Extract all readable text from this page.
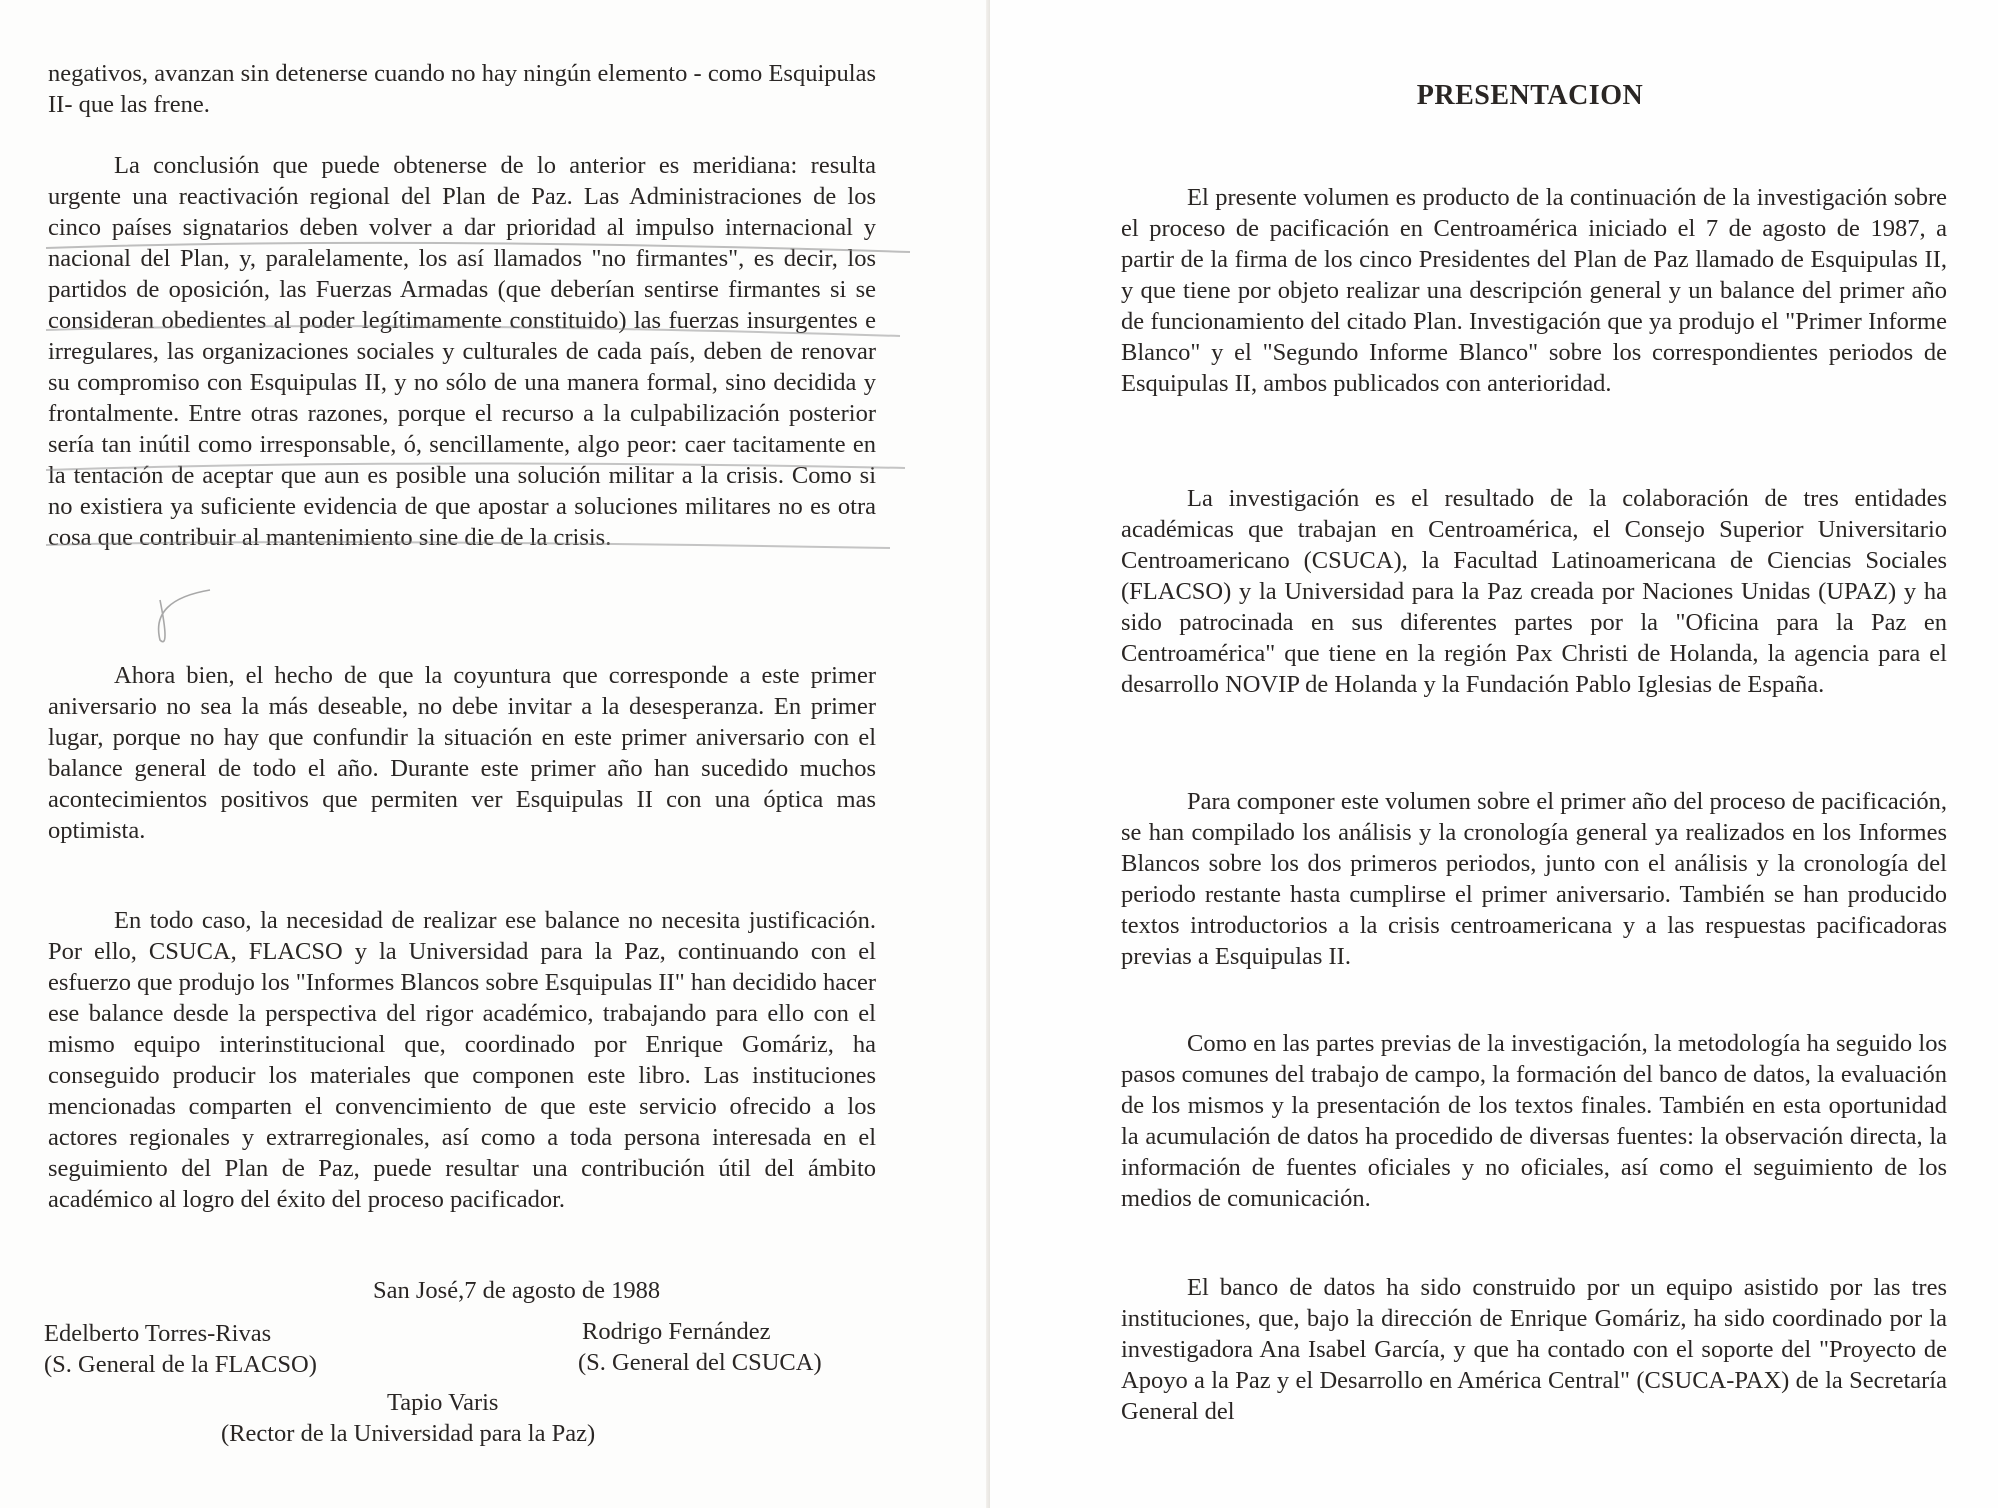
negativos, avanzan sin detenerse cuando no hay ningún elemento - como Esquipulas II- que las frene.

La conclusión que puede obtenerse de lo anterior es meridiana: resulta urgente una reactivación regional del Plan de Paz. Las Administraciones de los cinco países signatarios deben volver a dar prioridad al impulso internacional y nacional del Plan, y, paralelamente, los así llamados "no firmantes", es decir, los partidos de oposición, las Fuerzas Armadas (que deberían sentirse firmantes si se consideran obedientes al poder legítimamente constituido) las fuerzas insurgentes e irregulares, las organizaciones sociales y culturales de cada país, deben de renovar su compromiso con Esquipulas II, y no sólo de una manera formal, sino decidida y frontalmente. Entre otras razones, porque el recurso a la culpabilización posterior sería tan inútil como irresponsable, ó, sencillamente, algo peor: caer tacitamente en la tentación de aceptar que aun es posible una solución militar a la crisis. Como si no existiera ya suficiente evidencia de que apostar a soluciones militares no es otra cosa que contribuir al mantenimiento sine die de la crisis.

Ahora bien, el hecho de que la coyuntura que corresponde a este primer aniversario no sea la más deseable, no debe invitar a la desesperanza. En primer lugar, porque no hay que confundir la situación en este primer aniversario con el balance general de todo el año. Durante este primer año han sucedido muchos acontecimientos positivos que permiten ver Esquipulas II con una óptica mas optimista.

En todo caso, la necesidad de realizar ese balance no necesita justificación. Por ello, CSUCA, FLACSO y la Universidad para la Paz, continuando con el esfuerzo que produjo los "Informes Blancos sobre Esquipulas II" han decidido hacer ese balance desde la perspectiva del rigor académico, trabajando para ello con el mismo equipo interinstitucional que, coordinado por Enrique Gomáriz, ha conseguido producir los materiales que componen este libro. Las instituciones mencionadas comparten el convencimiento de que este servicio ofrecido a los actores regionales y extrarregionales, así como a toda persona interesada en el seguimiento del Plan de Paz, puede resultar una contribución útil del ámbito académico al logro del éxito del proceso pacificador.

San José,7 de agosto de 1988
Edelberto Torres-Rivas
(S. General de la FLACSO)
Rodrigo Fernández
(S. General del CSUCA)
Tapio Varis
(Rector de la Universidad para la Paz)
PRESENTACION

El presente volumen es producto de la continuación de la investigación sobre el proceso de pacificación en Centroamérica iniciado el 7 de agosto de 1987, a partir de la firma de los cinco Presidentes del Plan de Paz llamado de Esquipulas II, y que tiene por objeto realizar una descripción general y un balance del primer año de funcionamiento del citado Plan. Investigación que ya produjo el "Primer Informe Blanco" y el "Segundo Informe Blanco" sobre los correspondientes periodos de Esquipulas II, ambos publicados con anterioridad.

La investigación es el resultado de la colaboración de tres entidades académicas que trabajan en Centroamérica, el Consejo Superior Universitario Centroamericano (CSUCA), la Facultad Latinoamericana de Ciencias Sociales (FLACSO) y la Universidad para la Paz creada por Naciones Unidas (UPAZ) y ha sido patrocinada en sus diferentes partes por la "Oficina para la Paz en Centroamérica" que tiene en la región Pax Christi de Holanda, la agencia para el desarrollo NOVIP de Holanda y la Fundación Pablo Iglesias de España.

Para componer este volumen sobre el primer año del proceso de pacificación, se han compilado los análisis y la cronología general ya realizados en los Informes Blancos sobre los dos primeros periodos, junto con el análisis y la cronología del periodo restante hasta cumplirse el primer aniversario. También se han producido textos introductorios a la crisis centroamericana y a las respuestas pacificadoras previas a Esquipulas II.

Como en las partes previas de la investigación, la metodología ha seguido los pasos comunes del trabajo de campo, la formación del banco de datos, la evaluación de los mismos y la presentación de los textos finales. También en esta oportunidad la acumulación de datos ha procedido de diversas fuentes: la observación directa, la información de fuentes oficiales y no oficiales, así como el seguimiento de los medios de comunicación.

El banco de datos ha sido construido por un equipo asistido por las tres instituciones, que, bajo la dirección de Enrique Gomáriz, ha sido coordinado por la investigadora Ana Isabel García, y que ha contado con el soporte del "Proyecto de Apoyo a la Paz y el Desarrollo en América Central" (CSUCA-PAX) de la Secretaría General del
